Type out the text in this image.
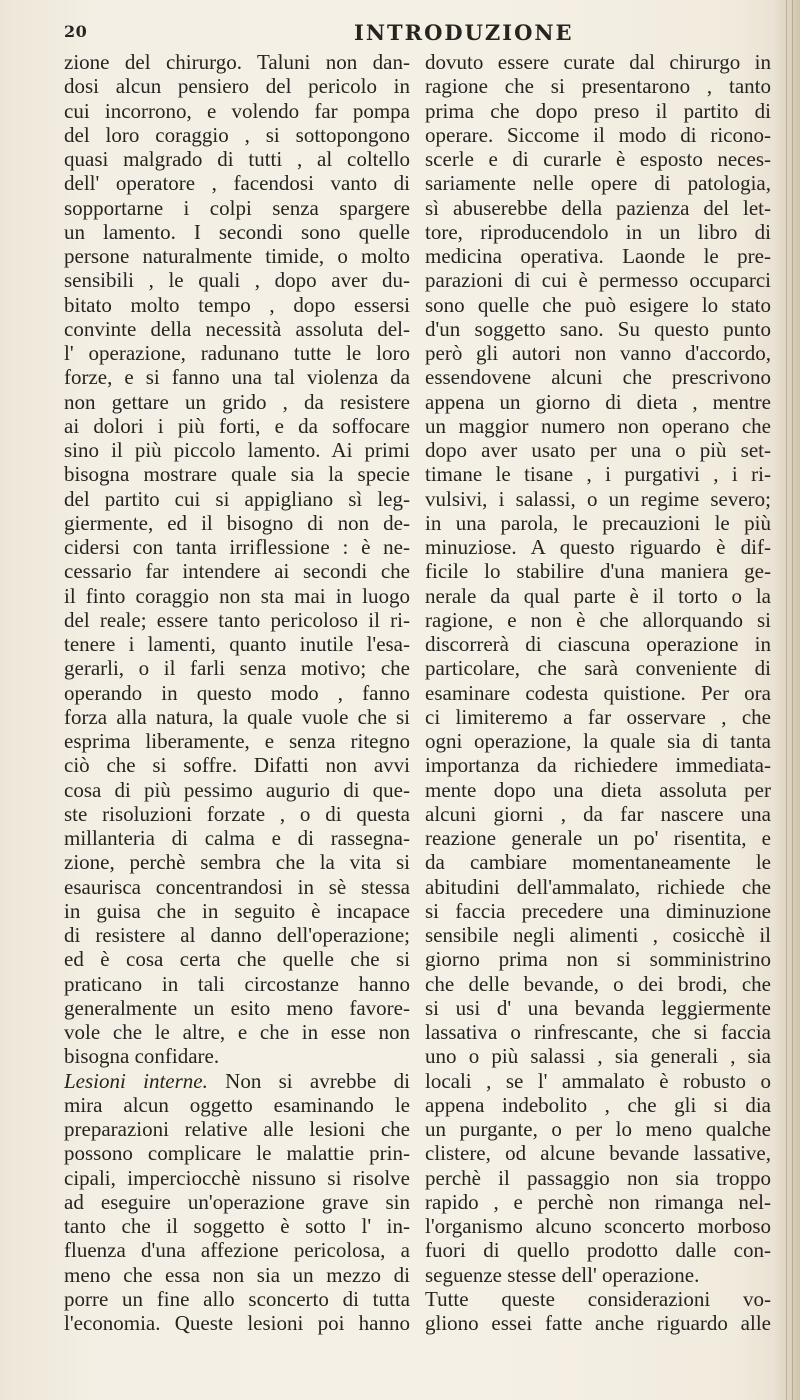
20	INTRODUZIONE
zione del chirurgo. Taluni non dan-
dosi alcun pensiero del pericolo in
cui incorrono, e volendo far pompa
del loro coraggio , si sottopongono
quasi malgrado di tutti , al coltello
dell' operatore , facendosi vanto di
sopportarne i colpi senza spargere
un lamento. I secondi sono quelle
persone naturalmente timide, o molto
sensibili , le quali , dopo aver du-
bitato molto tempo , dopo essersi
convinte della necessità assoluta del-
l' operazione, radunano tutte le loro
forze, e si fanno una tal violenza da
non gettare un grido , da resistere
ai dolori i più forti, e da soffocare
sino il più piccolo lamento. Ai primi
bisogna mostrare quale sia la specie
del partito cui si appigliano sì leg-
giermente, ed il bisogno di non de-
cidersi con tanta irriflessione : è ne-
cessario far intendere ai secondi che
il finto coraggio non sta mai in luogo
del reale; essere tanto pericoloso il ri-
tenere i lamenti, quanto inutile l'esa-
gerarli, o il farli senza motivo; che
operando in questo modo , fanno
forza alla natura, la quale vuole che si
esprima liberamente, e senza ritegno
ciò che si soffre. Difatti non avvi
cosa di più pessimo augurio di que-
ste risoluzioni forzate , o di questa
millanteria di calma e di rassegna-
zione, perchè sembra che la vita si
esaurisca concentrandosi in sè stessa
in guisa che in seguito è incapace
di resistere al danno dell'operazione;
ed è cosa certa che quelle che si
praticano in tali circostanze hanno
generalmente un esito meno favore-
vole che le altre, e che in esse non
bisogna confidare.
Lesioni interne. Non si avrebbe di
mira alcun oggetto esaminando le
preparazioni relative alle lesioni che
possono complicare le malattie prin-
cipali, imperciocchè nissuno si risolve
ad eseguire un'operazione grave sin
tanto che il soggetto è sotto l' in-
fluenza d'una affezione pericolosa, a
meno che essa non sia un mezzo di
porre un fine allo sconcerto di tutta
l'economia. Queste lesioni poi hanno
dovuto essere curate dal chirurgo in
ragione che si presentarono , tanto
prima che dopo preso il partito di
operare. Siccome il modo di ricono-
scerle e di curarle è esposto neces-
sariamente nelle opere di patologia,
sì abuserebbe della pazienza del let-
tore, riproducendolo in un libro di
medicina operativa. Laonde le pre-
parazioni di cui è permesso occuparci
sono quelle che può esigere lo stato
d'un soggetto sano. Su questo punto
però gli autori non vanno d'accordo,
essendovene alcuni che prescrivono
appena un giorno di dieta , mentre
un maggior numero non operano che
dopo aver usato per una o più set-
timane le tisane , i purgativi , i ri-
vulsivi, i salassi, o un regime severo;
in una parola, le precauzioni le più
minuziose. A questo riguardo è dif-
ficile lo stabilire d'una maniera ge-
nerale da qual parte è il torto o la
ragione, e non è che allorquando si
discorrerà di ciascuna operazione in
particolare, che sarà conveniente di
esaminare codesta quistione. Per ora
ci limiteremo a far osservare , che
ogni operazione, la quale sia di tanta
importanza da richiedere immediata-
mente dopo una dieta assoluta per
alcuni giorni , da far nascere una
reazione generale un po' risentita, e
da cambiare momentaneamente le
abitudini dell'ammalato, richiede che
si faccia precedere una diminuzione
sensibile negli alimenti , cosicchè il
giorno prima non si somministrino
che delle bevande, o dei brodi, che
si usi d' una bevanda leggiermente
lassativa o rinfrescante, che si faccia
uno o più salassi , sia generali , sia
locali , se l' ammalato è robusto o
appena indebolito , che gli si dia
un purgante, o per lo meno qualche
clistere, od alcune bevande lassative,
perchè il passaggio non sia troppo
rapido , e perchè non rimanga nel-
l'organismo alcuno sconcerto morboso
fuori di quello prodotto dalle con-
seguenze stesse dell' operazione.
Tutte queste considerazioni vo-
gliono essei fatte anche riguardo alle
